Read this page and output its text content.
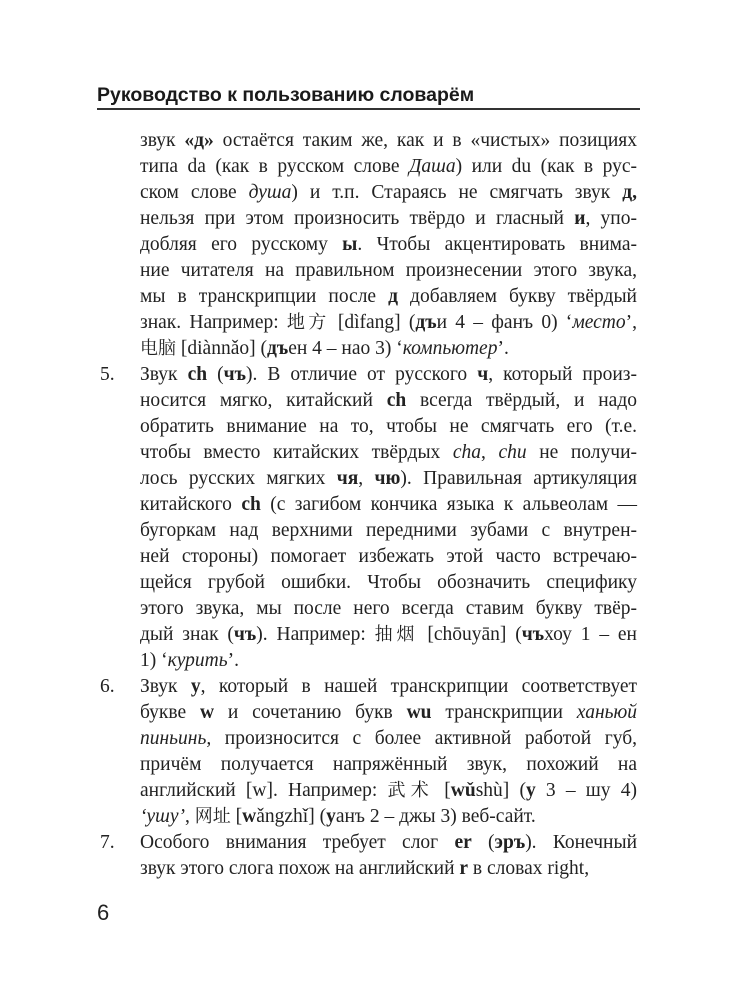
Руководство к пользованию словарём
звук «д» остаётся таким же, как и в «чистых» позициях
типа da (как в русском слове Даша) или du (как в рус-
ском слове душа) и т.п. Стараясь не смягчать звук д,
нельзя при этом произносить твёрдо и гласный и, упо-
добляя его русскому ы. Чтобы акцентировать внима-
ние читателя на правильном произнесении этого звука,
мы в транскрипции после д добавляем букву твёрдый
знак. Например: 地方 [dìfang] (дъи 4 – фанъ 0) ‘место’,
电脑 [diànnǎo] (дъен 4 – нао 3) ‘компьютер’.
5. Звук ch (чъ). В отличие от русского ч, который произ-
носится мягко, китайский ch всегда твёрдый, и надо
обратить внимание на то, чтобы не смягчать его (т.е.
чтобы вместо китайских твёрдых cha, chu не получи-
лось русских мягких чя, чю). Правильная артикуляция
китайского ch (с загибом кончика языка к альвеолам —
бугоркам над верхними передними зубами с внутрен-
ней стороны) помогает избежать этой часто встречаю-
щейся грубой ошибки. Чтобы обозначить специфику
этого звука, мы после него всегда ставим букву твёр-
дый знак (чъ). Например: 抽烟 [chōuyān] (чъхоу 1 – ен
1) ‘курить’.
6. Звук у, который в нашей транскрипции соответствует
букве w и сочетанию букв wu транскрипции ханьюй
пиньинь, произносится с более активной работой губ,
причём получается напряжённый звук, похожий на
английский [w]. Например: 武术 [wǔshù] (у 3 – шу 4)
‘ушу’, 网址 [wǎngzhǐ] (уанъ 2 – джы 3) веб-сайт.
7. Особого внимания требует слог er (эръ). Конечный
звук этого слога похож на английский r в словах right,
6
